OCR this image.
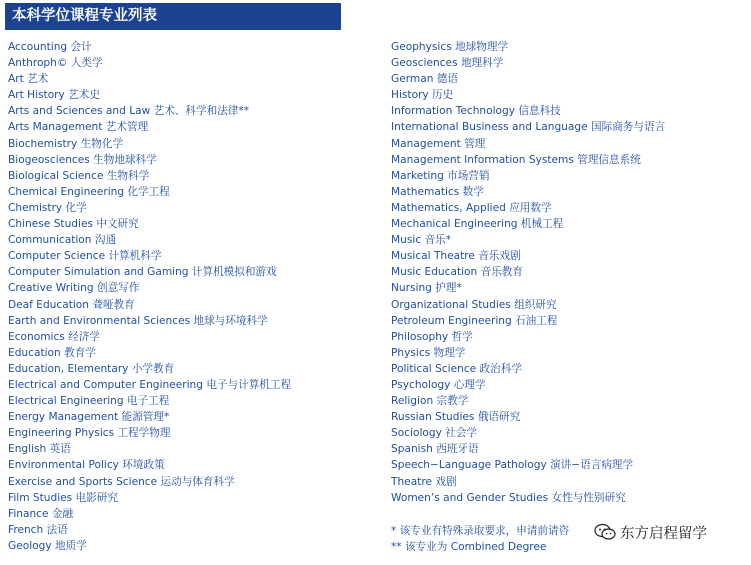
本科学位课程专业列表
Accounting 会计
Anthroph© 人类学
Art 艺术
Art History 艺术史
Arts and Sciences and Law 艺术、科学和法律**
Arts Management 艺术管理
Biochemistry 生物化学
Biogeosciences 生物地球科学
Biological Science 生物科学
Chemical Engineering 化学工程
Chemistry 化学
Chinese Studies 中文研究
Communication 沟通
Computer Science 计算机科学
Computer Simulation and Gaming 计算机模拟和游戏
Creative Writing 创意写作
Deaf Education 聋哑教育
Earth and Environmental Sciences 地球与环境科学
Economics 经济学
Education 教育学
Education, Elementary 小学教育
Electrical and Computer Engineering 电子与计算机工程
Electrical Engineering 电子工程
Energy Management 能源管理*
Engineering Physics 工程学物理
English 英语
Environmental Policy 环境政策
Exercise and Sports Science 运动与体育科学
Film Studies 电影研究
Finance 金融
French 法语
Geology 地质学
Geophysics 地球物理学
Geosciences 地理科学
German 德语
History 历史
Information Technology 信息科技
International Business and Language 国际商务与语言
Management 管理
Management Information Systems 管理信息系统
Marketing 市场营销
Mathematics 数学
Mathematics, Applied 应用数学
Mechanical Engineering 机械工程
Music 音乐*
Musical Theatre 音乐戏剧
Music Education 音乐教育
Nursing 护理*
Organizational Studies 组织研究
Petroleum Engineering 石油工程
Philosophy 哲学
Physics 物理学
Political Science 政治科学
Psychology 心理学
Religion 宗教学
Russian Studies 俄语研究
Sociology 社会学
Spanish 西班牙语
Speech−Language Pathology 演讲−语言病理学
Theatre 戏剧
Women’s and Gender Studies 女性与性别研究
* 该专业有特殊录取要求，申请前请咨
** 该专业为 Combined Degree
东方启程留学
